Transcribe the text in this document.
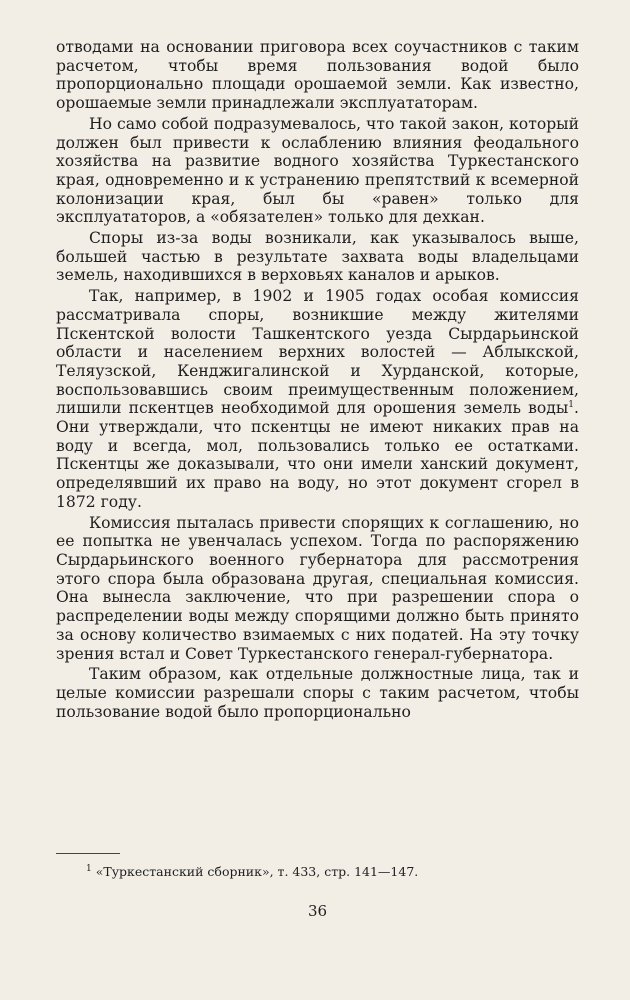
отводами на основании приговора всех соучастников с таким расчетом, чтобы время пользования водой было пропорционально площади орошаемой земли. Как известно, орошаемые земли принадлежали эксплуататорам.

Но само собой подразумевалось, что такой закон, который должен был привести к ослаблению влияния феодального хозяйства на развитие водного хозяйства Туркестанского края, одновременно и к устранению препятствий к всемерной колонизации края, был бы «равен» только для эксплуататоров, а «обязателен» только для дехкан.

Споры из-за воды возникали, как указывалось выше, большей частью в результате захвата воды владельцами земель, находившихся в верховьях каналов и арыков.

Так, например, в 1902 и 1905 годах особая комиссия рассматривала споры, возникшие между жителями Пскентской волости Ташкентского уезда Сырдарьинской области и населением верхних волостей — Аблыкской, Теляузской, Кенджигалинской и Хурданской, которые, воспользовавшись своим преимущественным положением, лишили пскентцев необходимой для орошения земель воды$^1$. Они утверждали, что пскентцы не имеют никаких прав на воду и всегда, мол, пользовались только ее остатками. Пскентцы же доказывали, что они имели ханский документ, определявший их право на воду, но этот документ сгорел в 1872 году.

Комиссия пыталась привести спорящих к соглашению, но ее попытка не увенчалась успехом. Тогда по распоряжению Сырдарьинского военного губернатора для рассмотрения этого спора была образована другая, специальная комиссия. Она вынесла заключение, что при разрешении спора о распределении воды между спорящими должно быть принято за основу количество взимаемых с них податей. На эту точку зрения встал и Совет Туркестанского генерал-губернатора.

Таким образом, как отдельные должностные лица, так и целые комиссии разрешали споры с таким расчетом, чтобы пользование водой было пропорционально

$^1$ «Туркестанский сборник», т. 433, стр. 141—147.

36
